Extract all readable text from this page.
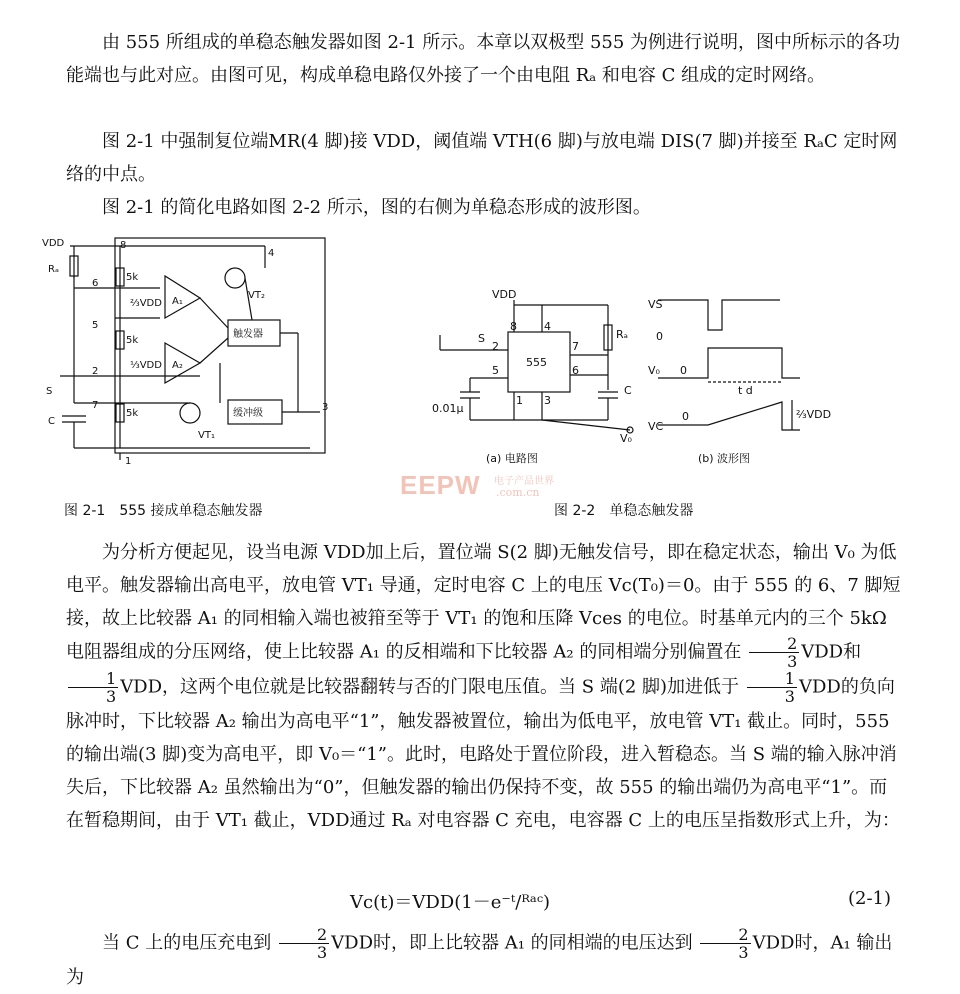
由 555 所组成的单稳态触发器如图 2-1 所示。本章以双极型 555 为例进行说明，图中所标示的各功能端也与此对应。由图可见，构成单稳电路仅外接了一个由电阻 Rₐ 和电容 C 组成的定时网络。

图 2-1 中强制复位端MR(4 脚)接 VDD，阈值端 VTH(6 脚)与放电端 DIS(7 脚)并接至 RₐC 定时网络的中点。

图 2-1 的简化电路如图 2-2 所示，图的右侧为单稳态形成的波形图。

VDD
Rₐ
C
S
5k
5k
5k
A₁
A₂
VT₁
VT₂
触发器
缓冲级
⅔VDD
⅓VDD
8
6
5
2
7
4
3
1
图 2-1　555 接成单稳态触发器
VDD
S
555
Rₐ
C
0.01μ
V₀
VS
0
V₀ 0
VC
0
t d
⅔VDD
8 4
7
2
5	6
1 3
(a) 电路图	(b) 波形图
图 2-2　单稳态触发器
EEPW 电子产品世界
.com.cn

为分析方便起见，设当电源 VDD加上后，置位端 S(2 脚)无触发信号，即在稳定状态，输出 V₀ 为低电平。触发器输出高电平，放电管 VT₁ 导通，定时电容 C 上的电压 Vc(T₀)＝0。由于 555 的 6、7 脚短接，故上比较器 A₁ 的同相输入端也被箝至等于 VT₁ 的饱和压降 Vces 的电位。时基单元内的三个 5kΩ 电阻器组成的分压网络，使上比较器 A₁ 的反相端和下比较器 A₂ 的同相端分别偏置在 $\frac{2}{3}$ VDD和
$\frac{1}{3}$ VDD，这两个电位就是比较器翻转与否的门限电压值。当 S 端(2 脚)加进低于 $\frac{1}{3}$ VDD的负向脉冲时，下比较器 A₂ 输出为高电平“1”，触发器被置位，输出为低电平，放电管 VT₁ 截止。同时，555 的输出端(3 脚)变为高电平，即 V₀＝“1”。此时，电路处于置位阶段，进入暂稳态。当 S 端的输入脉冲消失后，下比较器 A₂ 虽然输出为“0”，但触发器的输出仍保持不变，故 555 的输出端仍为高电平“1”。而在暂稳期间，由于 VT₁ 截止，VDD通过 Rₐ 对电容器 C 充电，电容器 C 上的电压呈指数形式上升，为：

Vc(t)＝VDD(1－e⁻ᵗ/ᴿᵃᶜ)	(2-1)

当 C 上的电压充电到 $\frac{2}{3}$ VDD时，即上比较器 A₁ 的同相端的电压达到 $\frac{2}{3}$ VDD时，A₁ 输出为
